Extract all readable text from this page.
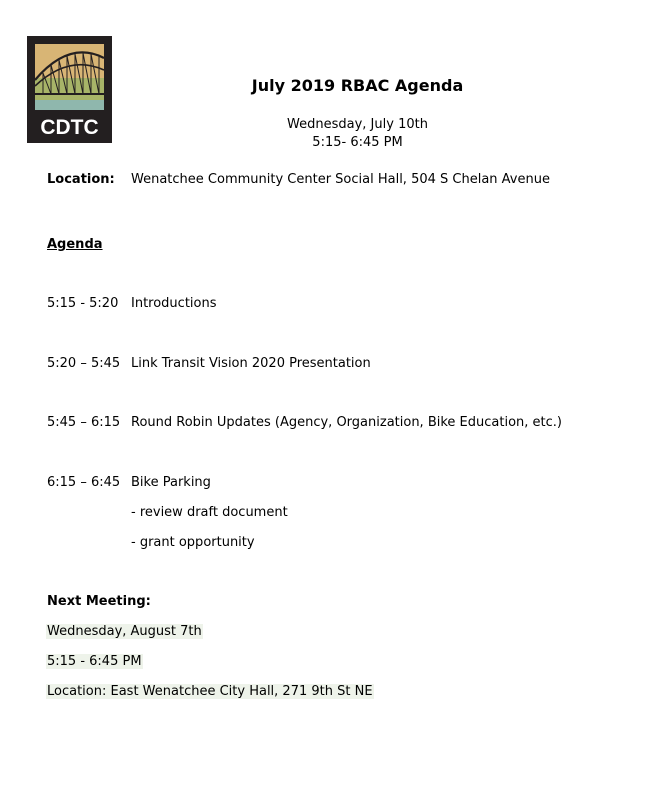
CDTC
July 2019 RBAC Agenda
Wednesday, July 10th
5:15- 6:45 PM
Location: Wenatchee Community Center Social Hall, 504 S Chelan Avenue
Agenda
5:15 - 5:20 Introductions
5:20 – 5:45 Link Transit Vision 2020 Presentation
5:45 – 6:15 Round Robin Updates (Agency, Organization, Bike Education, etc.)
6:15 – 6:45 Bike Parking
- review draft document
- grant opportunity
Next Meeting:
Wednesday, August 7th
5:15 - 6:45 PM
Location: East Wenatchee City Hall, 271 9th St NE
